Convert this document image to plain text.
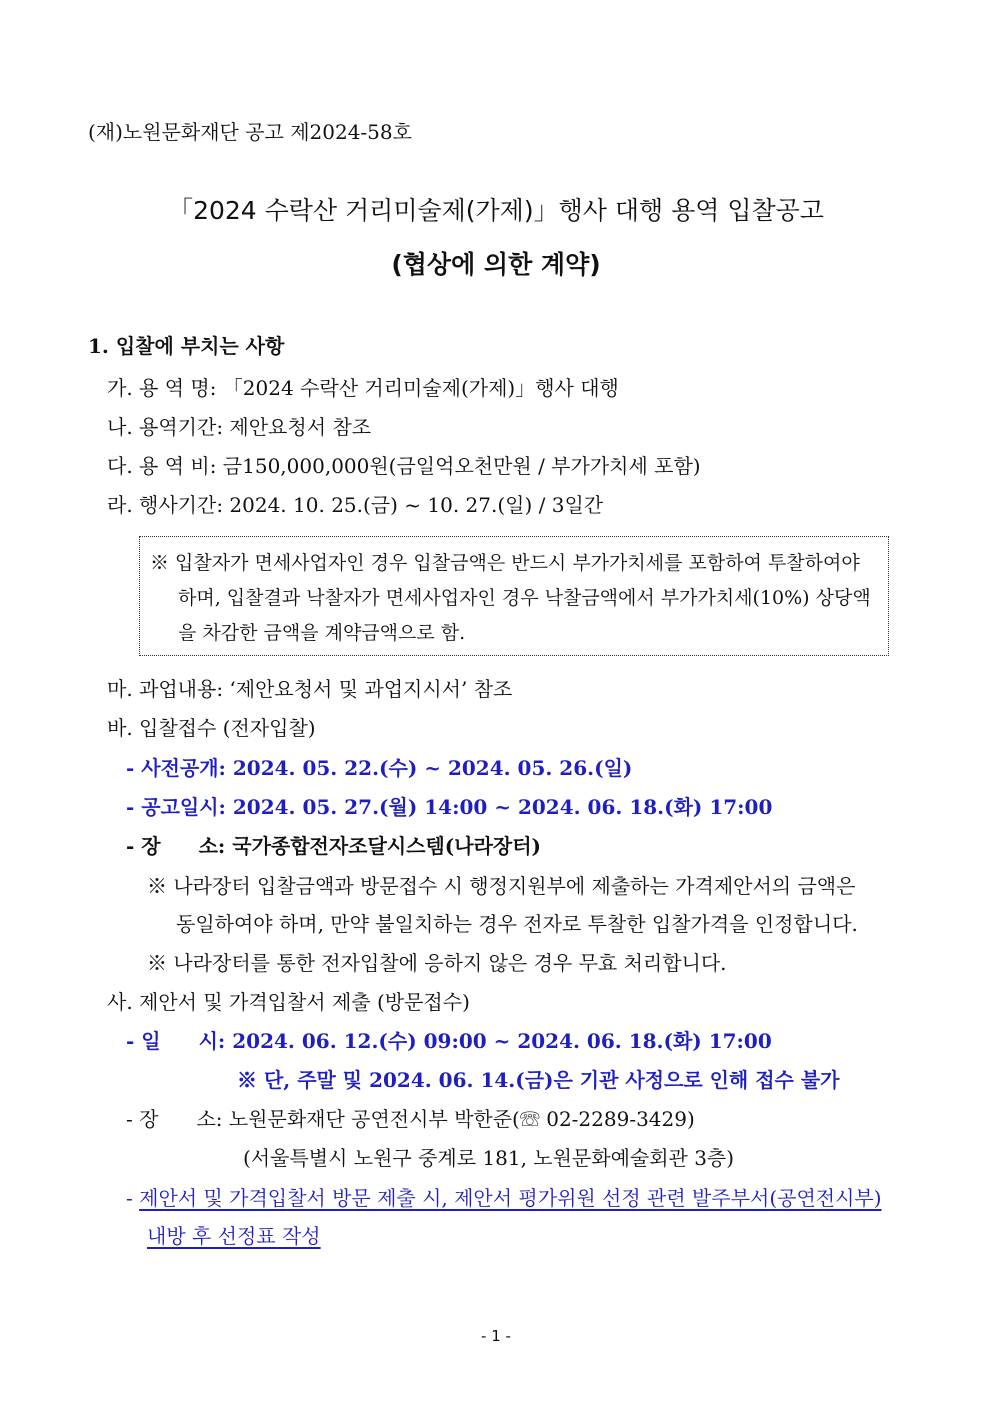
(재)노원문화재단 공고 제2024-58호
「2024 수락산 거리미술제(가제)」행사 대행 용역 입찰공고
(협상에 의한 계약)
1. 입찰에 부치는 사항
가. 용 역 명: 「2024 수락산 거리미술제(가제)」행사 대행
나. 용역기간: 제안요청서 참조
다. 용 역 비: 금150,000,000원(금일억오천만원 / 부가가치세 포함)
라. 행사기간: 2024. 10. 25.(금) ~ 10. 27.(일) / 3일간
※ 입찰자가 면세사업자인 경우 입찰금액은 반드시 부가가치세를 포함하여 투찰하여야
하며, 입찰결과 낙찰자가 면세사업자인 경우 낙찰금액에서 부가가치세(10%) 상당액
을 차감한 금액을 계약금액으로 함.
마. 과업내용: ‘제안요청서 및 과업지시서’ 참조
바. 입찰접수 (전자입찰)
- 사전공개: 2024. 05. 22.(수) ~ 2024. 05. 26.(일)
- 공고일시: 2024. 05. 27.(월) 14:00 ~ 2024. 06. 18.(화) 17:00
- 장 소: 국가종합전자조달시스템(나라장터)
※ 나라장터 입찰금액과 방문접수 시 행정지원부에 제출하는 가격제안서의 금액은
동일하여야 하며, 만약 불일치하는 경우 전자로 투찰한 입찰가격을 인정합니다.
※ 나라장터를 통한 전자입찰에 응하지 않은 경우 무효 처리합니다.
사. 제안서 및 가격입찰서 제출 (방문접수)
- 일 시: 2024. 06. 12.(수) 09:00 ~ 2024. 06. 18.(화) 17:00
※ 단, 주말 및 2024. 06. 14.(금)은 기관 사정으로 인해 접수 불가
- 장 소: 노원문화재단 공연전시부 박한준(☏ 02-2289-3429)
(서울특별시 노원구 중계로 181, 노원문화예술회관 3층)
- 제안서 및 가격입찰서 방문 제출 시, 제안서 평가위원 선정 관련 발주부서(공연전시부)
내방 후 선정표 작성
- 1 -
